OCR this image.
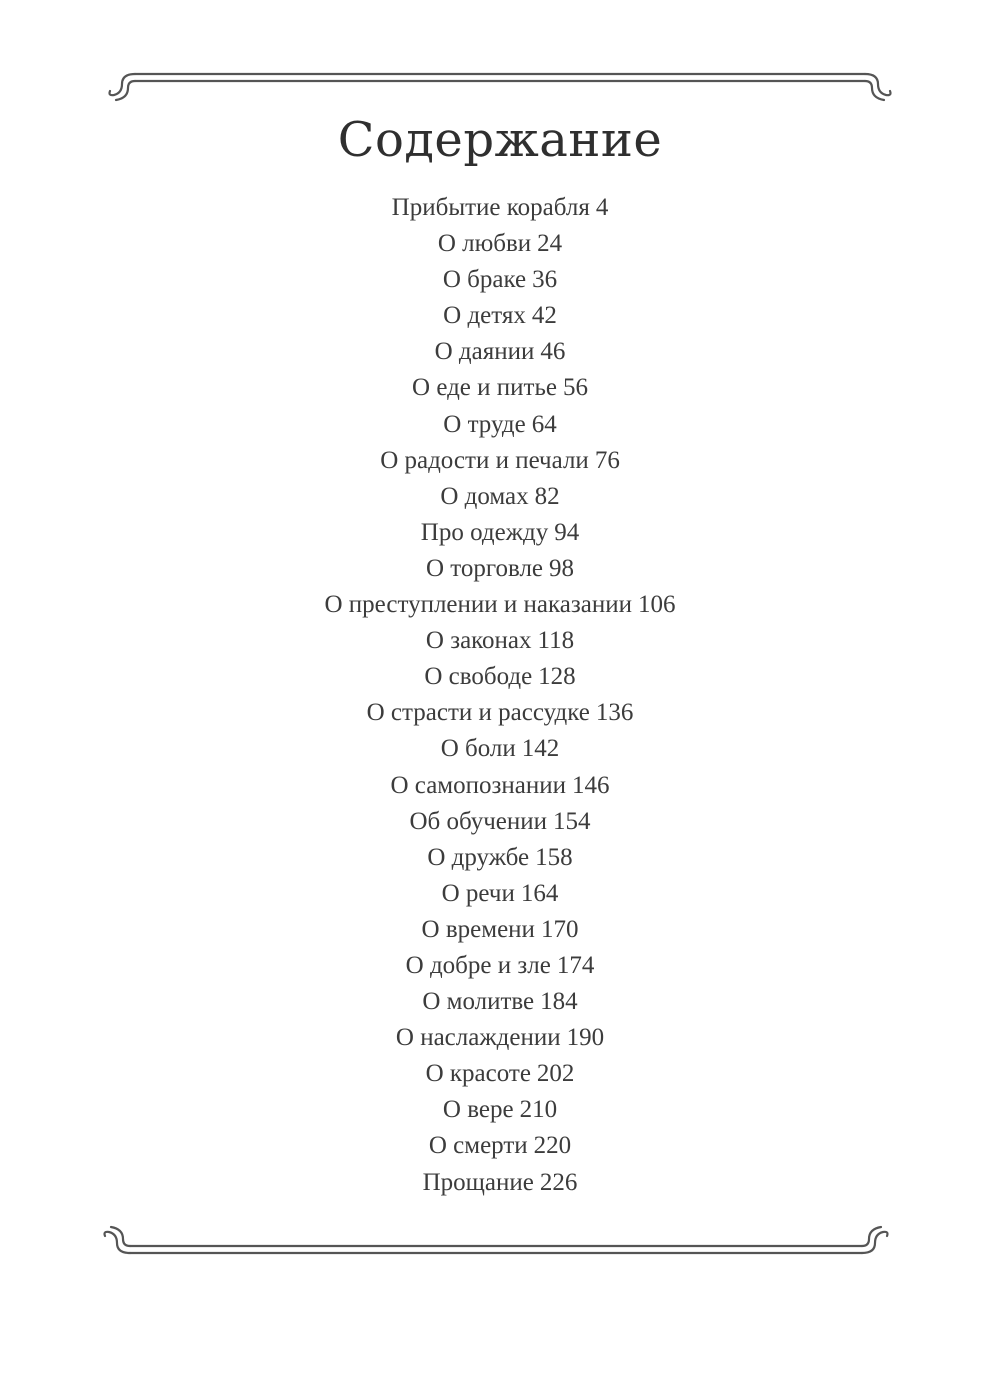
Содержание
Прибытие корабля 4
О любви 24
О браке 36
О детях 42
О даянии 46
О еде и питье 56
О труде 64
О радости и печали 76
О домах 82
Про одежду 94
О торговле 98
О преступлении и наказании 106
О законах 118
О свободе 128
О страсти и рассудке 136
О боли 142
О самопознании 146
Об обучении 154
О дружбе 158
О речи 164
О времени 170
О добре и зле 174
О молитве 184
О наслаждении 190
О красоте 202
О вере 210
О смерти 220
Прощание 226
